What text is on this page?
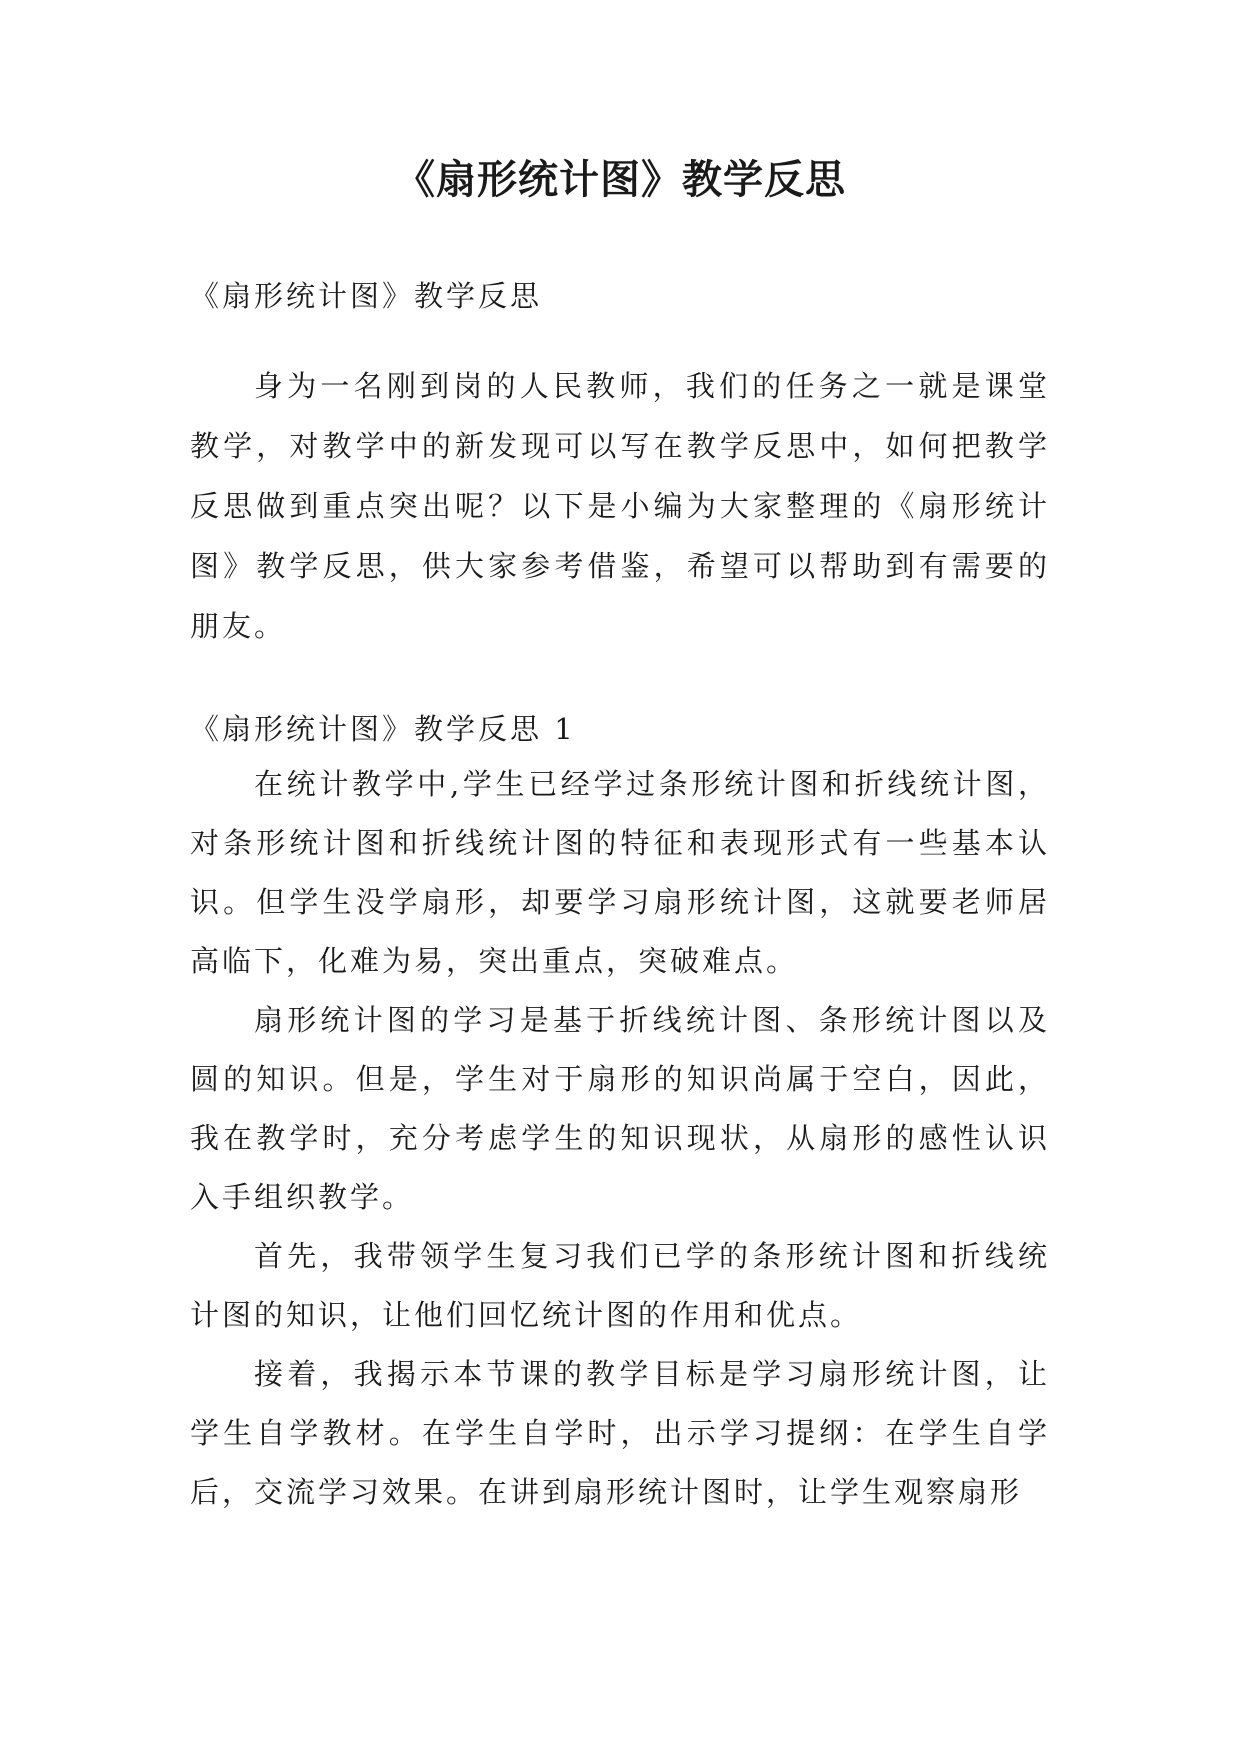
《扇形统计图》教学反思
《扇形统计图》教学反思

身为一名刚到岗的人民教师，我们的任务之一就是课堂教学，对教学中的新发现可以写在教学反思中，如何把教学反思做到重点突出呢？以下是小编为大家整理的《扇形统计图》教学反思，供大家参考借鉴，希望可以帮助到有需要的朋友。

《扇形统计图》教学反思 1

在统计教学中,学生已经学过条形统计图和折线统计图，对条形统计图和折线统计图的特征和表现形式有一些基本认识。但学生没学扇形，却要学习扇形统计图，这就要老师居高临下，化难为易，突出重点，突破难点。

扇形统计图的学习是基于折线统计图、条形统计图以及圆的知识。但是，学生对于扇形的知识尚属于空白，因此，我在教学时，充分考虑学生的知识现状，从扇形的感性认识入手组织教学。

首先，我带领学生复习我们已学的条形统计图和折线统计图的知识，让他们回忆统计图的作用和优点。

接着，我揭示本节课的教学目标是学习扇形统计图，让学生自学教材。在学生自学时，出示学习提纲：在学生自学后，交流学习效果。在讲到扇形统计图时，让学生观察扇形
